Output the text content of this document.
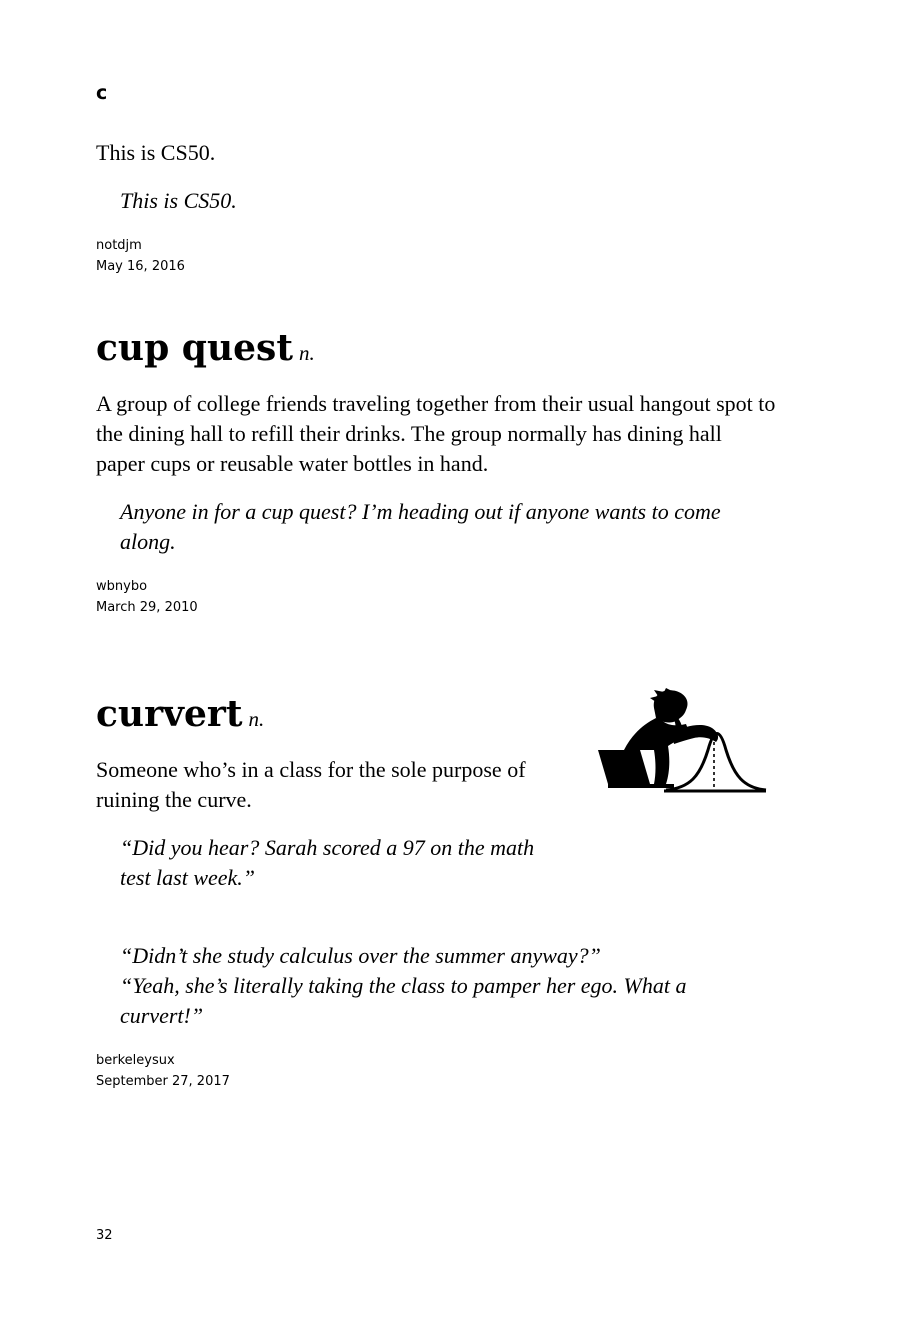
c

This is CS50.

This is CS50.

notdjm
May 16, 2016
cup quest n.

A group of college friends traveling together from their usual hangout spot to the dining hall to refill their drinks. The group normally has dining hall paper cups or reusable water bottles in hand.

Anyone in for a cup quest? I’m heading out if anyone wants to come along.

wbnybo
March 29, 2010
curvert n.

Someone who’s in a class for the sole purpose of ruining the curve.

“Did you hear? Sarah scored a 97 on the math test last week.”

“Didn’t she study calculus over the summer anyway?”

“Yeah, she’s literally taking the class to pamper her ego. What a curvert!”

berkeleysux
September 27, 2017
32
